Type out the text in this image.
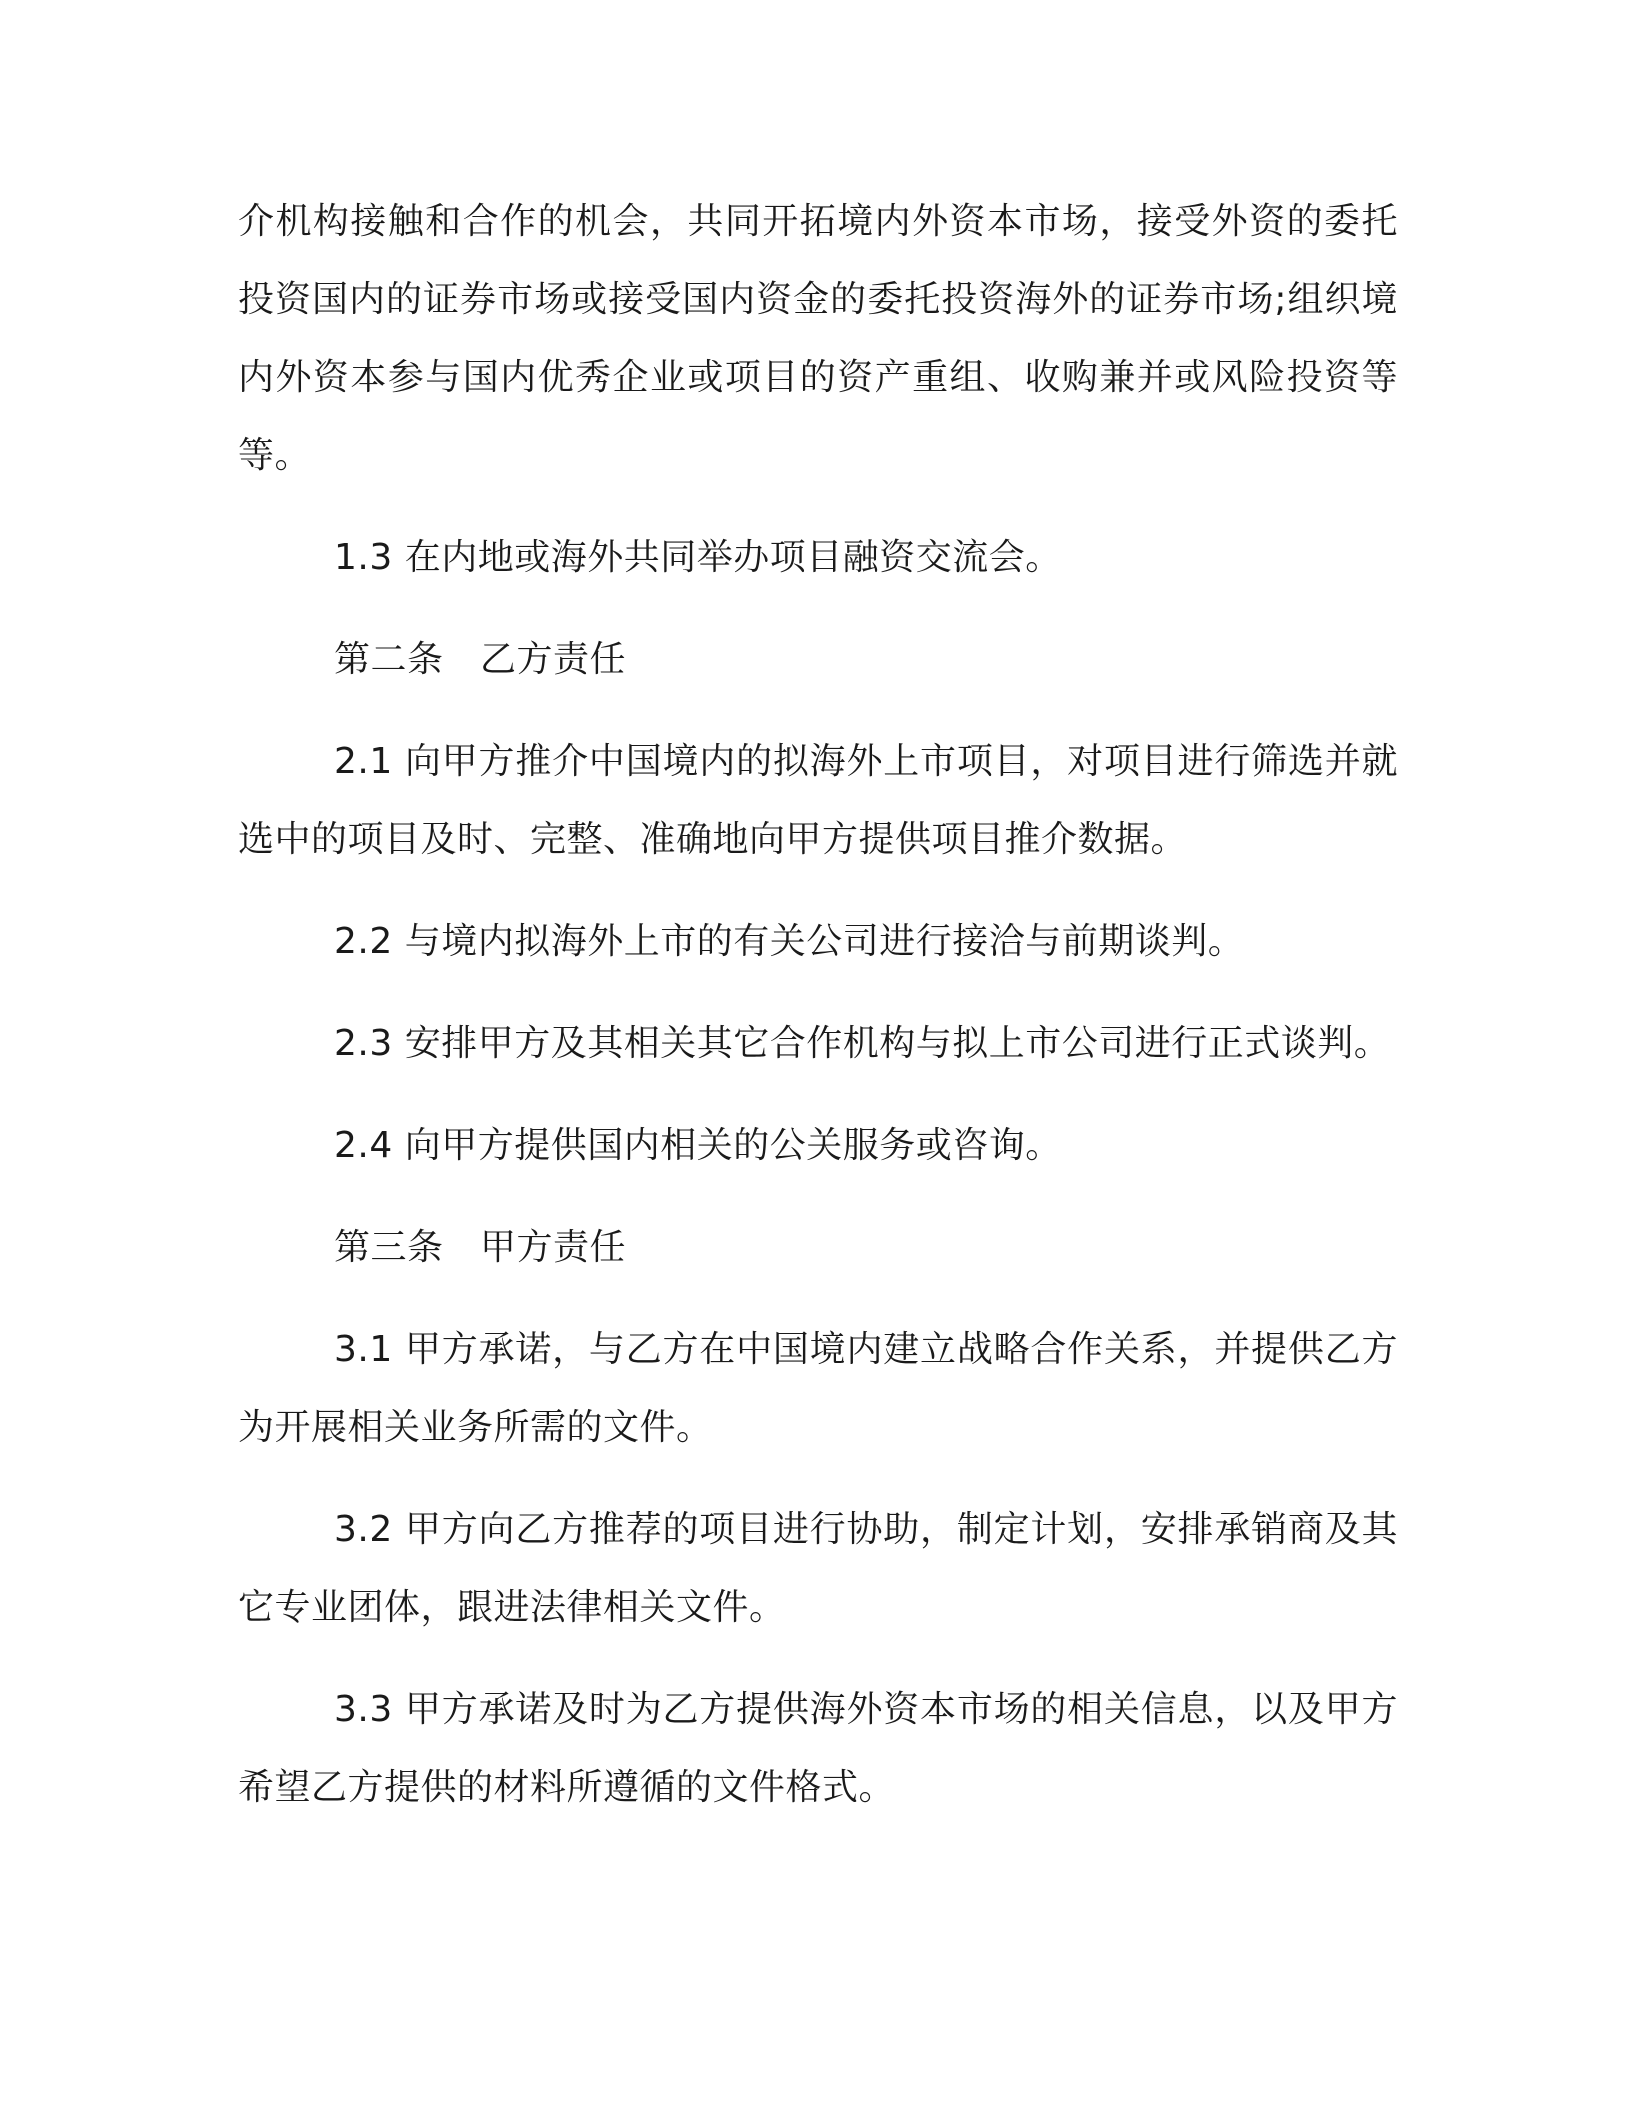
介机构接触和合作的机会，共同开拓境内外资本市场，接受外资的委托投资国内的证券市场或接受国内资金的委托投资海外的证券市场;组织境内外资本参与国内优秀企业或项目的资产重组、收购兼并或风险投资等等。

1.3 在内地或海外共同举办项目融资交流会。

第二条　乙方责任

2.1 向甲方推介中国境内的拟海外上市项目，对项目进行筛选并就选中的项目及时、完整、准确地向甲方提供项目推介数据。

2.2 与境内拟海外上市的有关公司进行接洽与前期谈判。

2.3 安排甲方及其相关其它合作机构与拟上市公司进行正式谈判。

2.4 向甲方提供国内相关的公关服务或咨询。

第三条　甲方责任

3.1 甲方承诺，与乙方在中国境内建立战略合作关系，并提供乙方为开展相关业务所需的文件。

3.2 甲方向乙方推荐的项目进行协助，制定计划，安排承销商及其它专业团体，跟进法律相关文件。

3.3 甲方承诺及时为乙方提供海外资本市场的相关信息，以及甲方希望乙方提供的材料所遵循的文件格式。
